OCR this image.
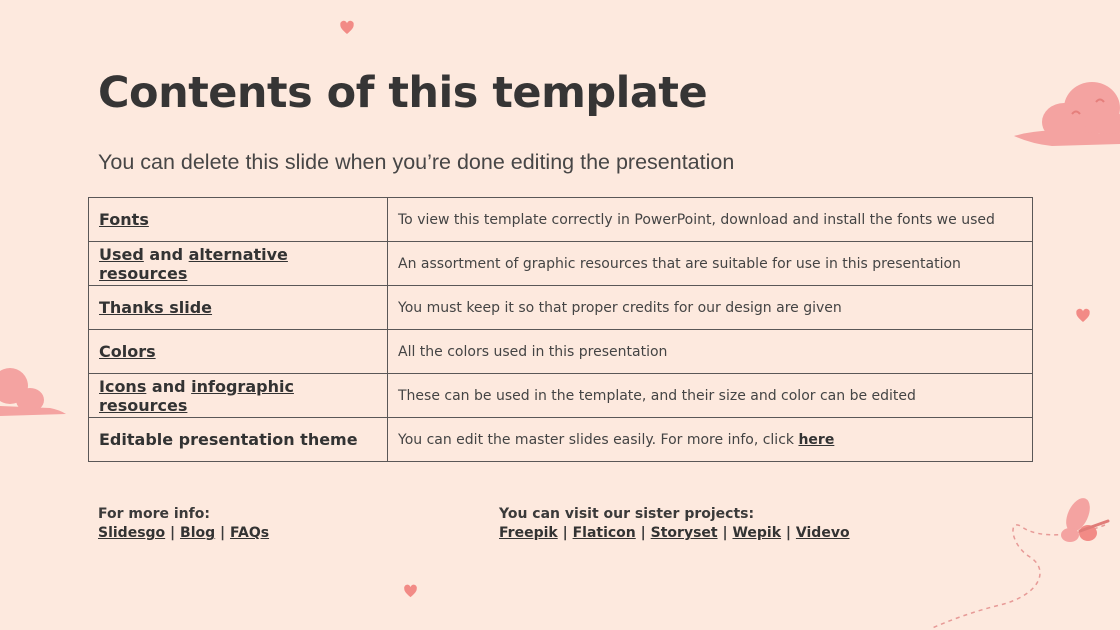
Contents of this template

You can delete this slide when you’re done editing the presentation

Fonts	To view this template correctly in PowerPoint, download and install the fonts we used
Used and alternative resources	An assortment of graphic resources that are suitable for use in this presentation
Thanks slide	You must keep it so that proper credits for our design are given
Colors	All the colors used in this presentation
Icons and infographic resources	These can be used in the template, and their size and color can be edited
Editable presentation theme	You can edit the master slides easily. For more info, click here
For more info:
Slidesgo | Blog | FAQs
You can visit our sister projects:
Freepik | Flaticon | Storyset | Wepik | Videvo
